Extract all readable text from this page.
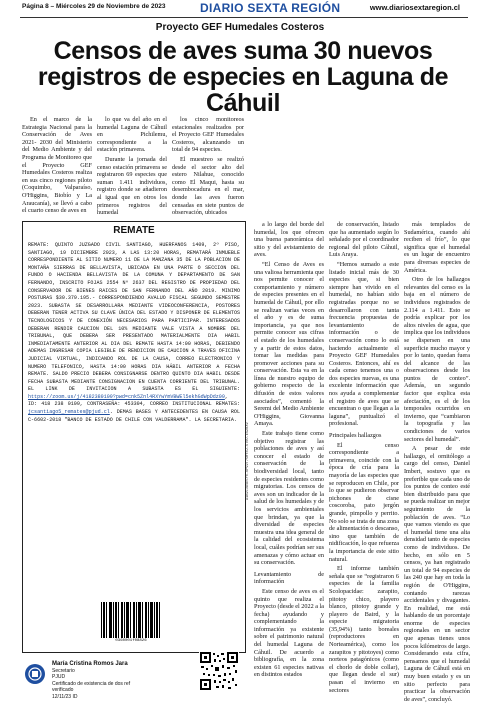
Página 8 – Miércoles 29 de Noviembre de 2023	DIARIO SEXTA REGIÓN	www.diariosextaregion.cl
Proyecto GEF Humedales Costeros
Censos de aves suma 30 nuevos registros de especies en Laguna de Cáhuil

En el marco de la Estrategia Nacional para la Conservación de Aves 2021- 2030 del Ministerio del Medio Ambiente y del Programa de Monitoreo que el Proyecto GEF Humedales Costeros realiza en sus cinco regiones piloto (Coquimbo, Valparaíso, O'Higgins, Biobío y La Araucanía), se llevó a cabo el cuarto censo de aves en

lo que va del año en el humedal Laguna de Cáhuil en Pichilemu, correspondiente a la estación primavera.

Durante la jornada del censo estación primavera se registraron 69 especies que suman 1.411 individuos, registro donde se añadieron al igual que en otros los primeros registros del humedal

los cinco monitoreos estacionales realizados por el Proyecto GEF Humedales Costeros, alcanzando un total de 94 especies.

El muestreo se realizó desde el sector alto del estero Nilahue, conocido como El Maqui, hasta su desembocadura en el mar, donde las aves fueron censadas en siete puntos de observación, ubicados

REMATE
REMATE: QUINTO JUZGADO CIVIL SANTIAGO, HUERFANOS 1409, 2º PISO, SANTIAGO, 19 DICIEMBRE 2023, A LAS 13:20 HORAS, REMATARÁ INMUEBLE CORRESPONDIENTE AL SITIO NUMERO 11 DE LA MANZANA 35 DE LA POBLACION DE MONTAÑA SIERRAS DE BELLAVISTA, UBICADA EN UNA PARTE O SECCION DEL FUNDO O HACIENDA BELLAVISTA DE LA COMUNA Y DEPARTAMENTO DE SAN FERNANDO, INSCRITO FOJAS 2554 Nº 2637 DEL REGISTRO DE PROPIEDAD DEL CONSERVADOR DE BIENES RAICES DE SAN FERNANDO DEL AÑO 2019. MINIMO POSTURAS $30.379.195.- CORRESPONDIENDO AVALUO FISCAL SEGUNDO SEMESTRE 2023. SUBASTA SE DESARROLLARA MEDIANTE VIDEOCONFERENCIA, POSTORES DEBERAN TENER ACTIVA SU CLAVE ÚNICA DEL ESTADO Y DISPONER DE ELEMENTOS TECNOLOGICOS Y DE CONEXIÓN NECESARIOS PARA PARTICIPAR. INTERESADOS DEBERAN RENDIR CAUCION DEL 10% MEDIANTE VALE VISTA A NOMBRE DEL TRIBUNAL, QUE DEBERA SER PRESENTADO MATERIALMENTE DIA HABIL INMEDIATAMENTE ANTERIOR AL DIA DEL REMATE HASTA 14:00 HORAS, DEBIENDO ADEMAS INGRESAR COPIA LEGIBLE DE RENDICION DE CAUCION A TRAVES OFICINA JUDICIAL VIRTUAL, INDICANDO ROL DE LA CAUSA, CORREO ELECTRONICO Y NUMERO TELEFONICO, HASTA 14:00 HORAS DIA HÁBIL ANTERIOR A FECHA REMATE. SALDO PRECIO DEBERA CONSIGNARSE DENTRO QUINTO DIA HABIL DESDE FECHA SUBASTA MEDIANTE CONSIGNACION EN CUENTA CORRIENTE DEL TRIBUNAL. EL LINK DE INVITACION A SUBASTA ES EL SIGUIENTE: https://zoom.us/j/4182380109?pwd=cnk5Znl4RXYwYmVBWEl5ekhGdWpDdz09, ID: 418 238 0109, CONTRASEÑA: 453304, CORREO INSTITUCIONAL REMATES: jcsantiago5_remates@pjud.cl. DEMAS BASES Y ANTECEDENTES EN CAUSA ROL C-6602-2018 "BANCO DE ESTADO DE CHILE CON VALDERRAMA". LA SECRETARIA.
0360001f08826
María Cristina Romos Jara
Secretario
PJUD
Certificado de existencia de dos ref verificado
12/11/23 ID
A1B2C3D4E5F6-OP92T75HY8J-4T6O-E4Z8X9

a lo largo del borde del humedal, los que ofrecen una buena panorámica del sitio y del avistamiento de aves.

“El Censo de Aves es una valiosa herramienta que nos permite conocer el comportamiento y número de especies presentes en el humedal de Cáhuil, por ello se realizan varias veces en el año y es de suma importancia, ya que nos permite conocer sus cifras el estado de los humedales y a partir de estos datos, tomar las medidas para promover acciones para su conservación. Esta va en la línea de nuestro equipo de gobierno respecto de la difusión de estos valores asociados”, comentó la Seremi del Medio Ambiente O'Higgins, Giovanna Amaya.

Este trabajo tiene como objetivo registrar las poblaciones de aves y así conocer el estado de conservación de la biodiversidad local, tanto de especies residentes como migratorias. Los censos de aves son un indicador de la salud de los humedales y de los servicios ambientales que brindan, ya que la diversidad de especies muestra una idea general de la calidad del ecosistema local, cuáles podrían ser sus amenazas y cómo actuar en su conservación.

Levantamiento de información

Este censo de aves es el quinto que realiza el Proyecto (desde el 2022 a la fecha) ayudando y complementando la información ya existente sobre el patrimonio natural del humedal Laguna de Cáhuil. De acuerdo a bibliografía, en la zona existen 61 especies nativas en distintos estados

de conservación, listado que ha aumentado según lo señalado por el coordinador regional del piloto Cáhuil, Luis Araya.

“Hemos sumado a este listado inicial más de 30 especies que, si bien siempre han vivido en el humedal, no habían sido registradas porque no se desarrollaron con tanta frecuencia propuestas de levantamiento de información o de conservación como lo está haciendo actualmente el Proyecto GEF Humedales Costeros. Entonces, ahí es cada censo tenemos una o dos especies nuevas, es una excelente información que nos ayuda a complementar el registro de aves que se encuentran o que llegan a la laguna”, puntualizó el profesional.

Principales hallazgos

El censo correspondiente a primavera, coincide con la época de cría para la mayoría de las especies que se reproducen en Chile, por lo que se pudieron observar pichones de cisne coscoroba, pato jergón grande, pimpollo y perrito. No solo se trata de una zona de alimentación o descanso, sino que también de nidificación, lo que refuerza la importancia de este sitio natural.

El informe también señala que se “registraron 6 especies de la familia Scolopacidae: zarapito, pitotoy chico, playero blanco, pitotoy grande y playero de Baird, y la especie migratoria (35,94%) tanto boreales (reproductores en Norteamérica), como los zarapitos y pitotoyes) como norteos patagónicos (como el chorlo de doble collar), que llegan desde el sur) pasan el invierno en sectores

más templados de Sudamérica, cuando ahí reciben el frío”, lo que significa que el humedal es un lugar de encuentro para diversas especies de América.

Otro de los hallazgos relevantes del censo es la baja en el número de individuos registrados de 2.114 a 1.411. Esto se podría explicar por los altos niveles de agua, que implica que los individuos se dispersen en una superficie mucho mayor y por lo tanto, quedan fuera del alcance de las observaciones desde los puntos de conteo”. Además, un segundo factor que explica esta afectación, es el de los temporales ocurridos en invierno, que “cambiaron la topografía y las condiciones de varios sectores del humedal”.

A pesar de este hallazgo, el ornitólogo a cargo del censo, Daniel Imbert, sostuvo que es preferible que cada uno de los puntos de conteo esté bien distribuido para que se pueda realizar un mejor seguimiento de la población de aves. “Lo que vamos viendo es que el humedal tiene una alta densidad tanto de especies como de individuos. De hecho, en sólo en 5 censos, ya han registrado un total de 94 especies de las 240 que hay en toda la región de O'Higgins, contando rarezas accidentales y divagantes. En realidad, me está hablando de un porcentaje enorme de especies regionales en un sector que apenas tienes unos pocos kilómetros de largo. Considerando esta cifra, pensamos que el humedal Laguna de Cáhuil está en muy buen estado y es un sitio perfecto para practicar la observación de aves”, concluyó.
